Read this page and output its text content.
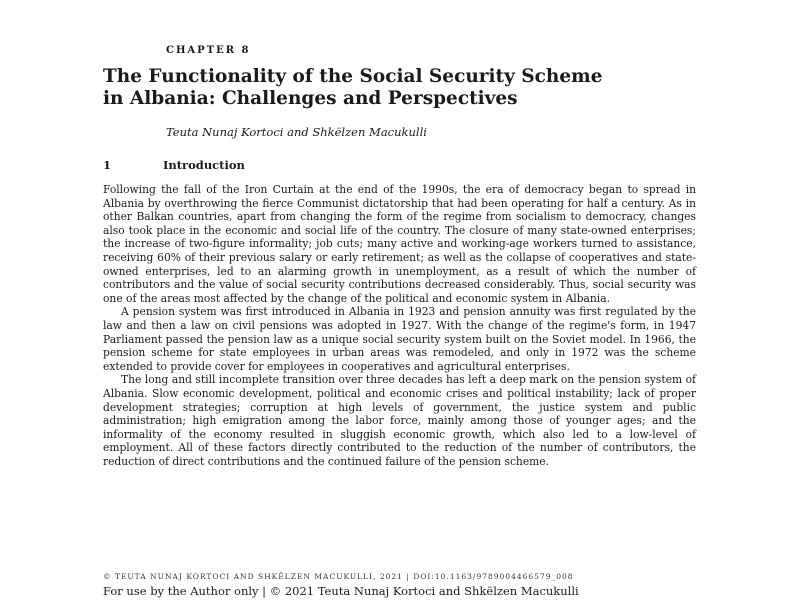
CHAPTER 8
The Functionality of the Social Security Scheme
in Albania: Challenges and Perspectives
Teuta Nunaj Kortoci and Shkëlzen Macukulli
1	Introduction

Following the fall of the Iron Curtain at the end of the 1990s, the era of democracy began to spread in Albania by overthrowing the fierce Communist dictatorship that had been operating for half a century. As in other Balkan countries, apart from changing the form of the regime from socialism to democracy, changes also took place in the economic and social life of the country. The closure of many state-owned enterprises; the increase of two-figure informality; job cuts; many active and working-age workers turned to assistance, receiving 60% of their previous salary or early retirement; as well as the collapse of cooperatives and state-owned enterprises, led to an alarming growth in unemployment, as a result of which the number of contributors and the value of social security contributions decreased considerably. Thus, social security was one of the areas most affected by the change of the political and economic system in Albania.

A pension system was first introduced in Albania in 1923 and pension annuity was first regulated by the law and then a law on civil pensions was adopted in 1927. With the change of the regime's form, in 1947 Parliament passed the pension law as a unique social security system built on the Soviet model. In 1966, the pension scheme for state employees in urban areas was remodeled, and only in 1972 was the scheme extended to provide cover for employees in cooperatives and agricultural enterprises.

The long and still incomplete transition over three decades has left a deep mark on the pension system of Albania. Slow economic development, political and economic crises and political instability; lack of proper development strategies; corruption at high levels of government, the justice system and public administration; high emigration among the labor force, mainly among those of younger ages; and the informality of the economy resulted in sluggish economic growth, which also led to a low-level of employment. All of these factors directly contributed to the reduction of the number of contributors, the reduction of direct contributions and the continued failure of the pension scheme.

© TEUTA NUNAJ KORTOCI AND SHKËLZEN MACUKULLI, 2021 | DOI:10.1163/9789004466579_008
For use by the Author only | © 2021 Teuta Nunaj Kortoci and Shkëlzen Macukulli
